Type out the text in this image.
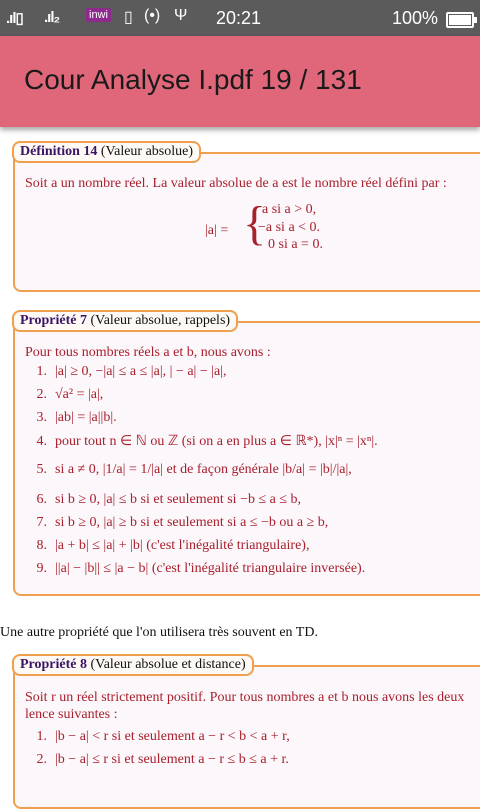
.ıl▯ .ıl₂	inwi ▯ (•) Ψ 20:21	100%
Cour Analyse I.pdf 19 / 131
Définition 14 (Valeur absolue)
Soit a un nombre réel. La valeur absolue de a est le nombre réel défini par :
|a| = {
a si a > 0,
−a si a < 0.
0 si a = 0.
Propriété 7 (Valeur absolue, rappels)
Pour tous nombres réels a et b, nous avons :
1. |a| ≥ 0, −|a| ≤ a ≤ |a|, | − a| − |a|,
2. √a² = |a|,
3. |ab| = |a||b|.
4. pour tout n ∈ ℕ ou ℤ (si on a en plus a ∈ ℝ*), |x|ⁿ = |xⁿ|.
5. si a ≠ 0, |1/a| = 1/|a| et de façon générale |b/a| = |b|/|a|,
6. si b ≥ 0, |a| ≤ b si et seulement si −b ≤ a ≤ b,
7. si b ≥ 0, |a| ≥ b si et seulement si a ≤ −b ou a ≥ b,
8. |a + b| ≤ |a| + |b| (c'est l'inégalité triangulaire),
9. ||a| − |b|| ≤ |a − b| (c'est l'inégalité triangulaire inversée).
Une autre propriété que l'on utilisera très souvent en TD.
Propriété 8 (Valeur absolue et distance)
Soit r un réel strictement positif. Pour tous nombres a et b nous avons les deux
lence suivantes :
1. |b − a| < r si et seulement a − r < b < a + r,
2. |b − a| ≤ r si et seulement a − r ≤ b ≤ a + r.
